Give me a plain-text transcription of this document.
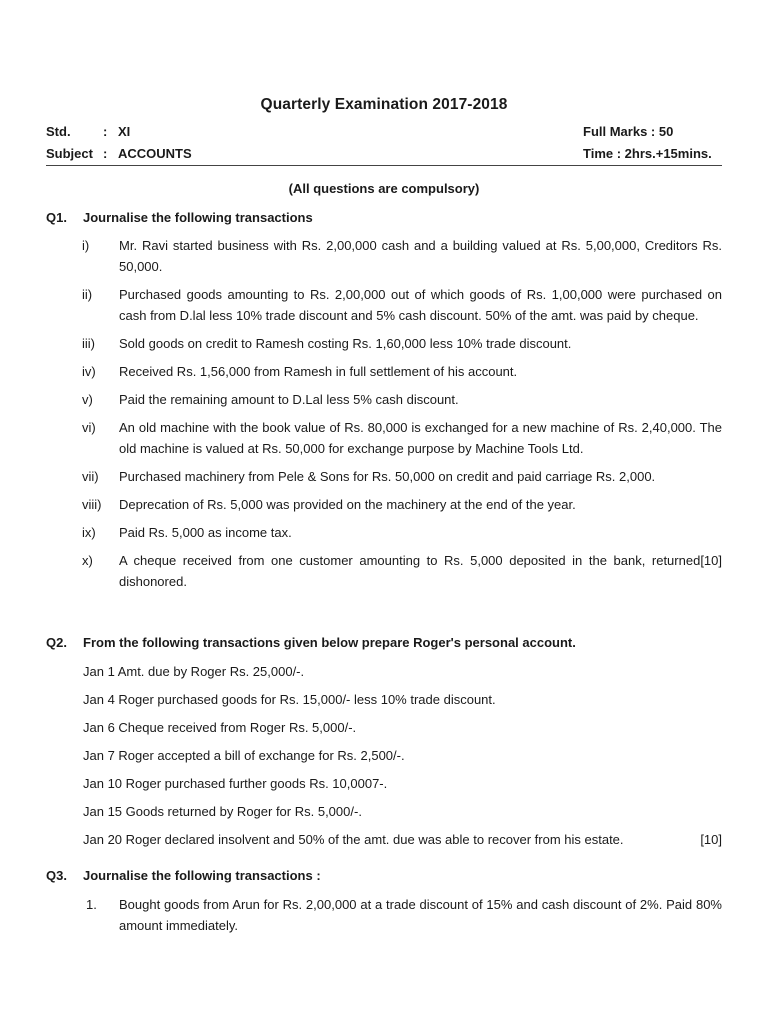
Quarterly Examination 2017-2018
Std. : XI
Subject : ACCOUNTS
Full Marks : 50
Time : 2hrs.+15mins.
(All questions are compulsory)
Q1. Journalise the following transactions
i) Mr. Ravi started business with Rs. 2,00,000 cash and a building valued at Rs. 5,00,000, Creditors Rs. 50,000.
ii) Purchased goods amounting to Rs. 2,00,000 out of which goods of Rs. 1,00,000 were purchased on cash from D.lal less 10% trade discount and 5% cash discount. 50% of the amt. was paid by cheque.
iii) Sold goods on credit to Ramesh costing Rs. 1,60,000 less 10% trade discount.
iv) Received Rs. 1,56,000 from Ramesh in full settlement of his account.
v) Paid the remaining amount to D.Lal less 5% cash discount.
vi) An old machine with the book value of Rs. 80,000 is exchanged for a new machine of Rs. 2,40,000. The old machine is valued at Rs. 50,000 for exchange purpose by Machine Tools Ltd.
vii) Purchased machinery from Pele & Sons for Rs. 50,000 on credit and paid carriage Rs. 2,000.
viii) Deprecation of Rs. 5,000 was provided on the machinery at the end of the year.
ix) Paid Rs. 5,000 as income tax.
x)	[10]
A cheque received from one customer amounting to Rs. 5,000 deposited in the bank, returned dishonored.
Q2. From the following transactions given below prepare Roger's personal account.
Jan 1 Amt. due by Roger Rs. 25,000/-.
Jan 4 Roger purchased goods for Rs. 15,000/- less 10% trade discount.
Jan 6 Cheque received from Roger Rs. 5,000/-.
Jan 7 Roger accepted a bill of exchange for Rs. 2,500/-.
Jan 10 Roger purchased further goods Rs. 10,0007-.
Jan 15 Goods returned by Roger for Rs. 5,000/-.
[10]
Jan 20 Roger declared insolvent and 50% of the amt. due was able to recover from his estate.
Q3. Journalise the following transactions :
1. Bought goods from Arun for Rs. 2,00,000 at a trade discount of 15% and cash discount of 2%. Paid 80% amount immediately.
